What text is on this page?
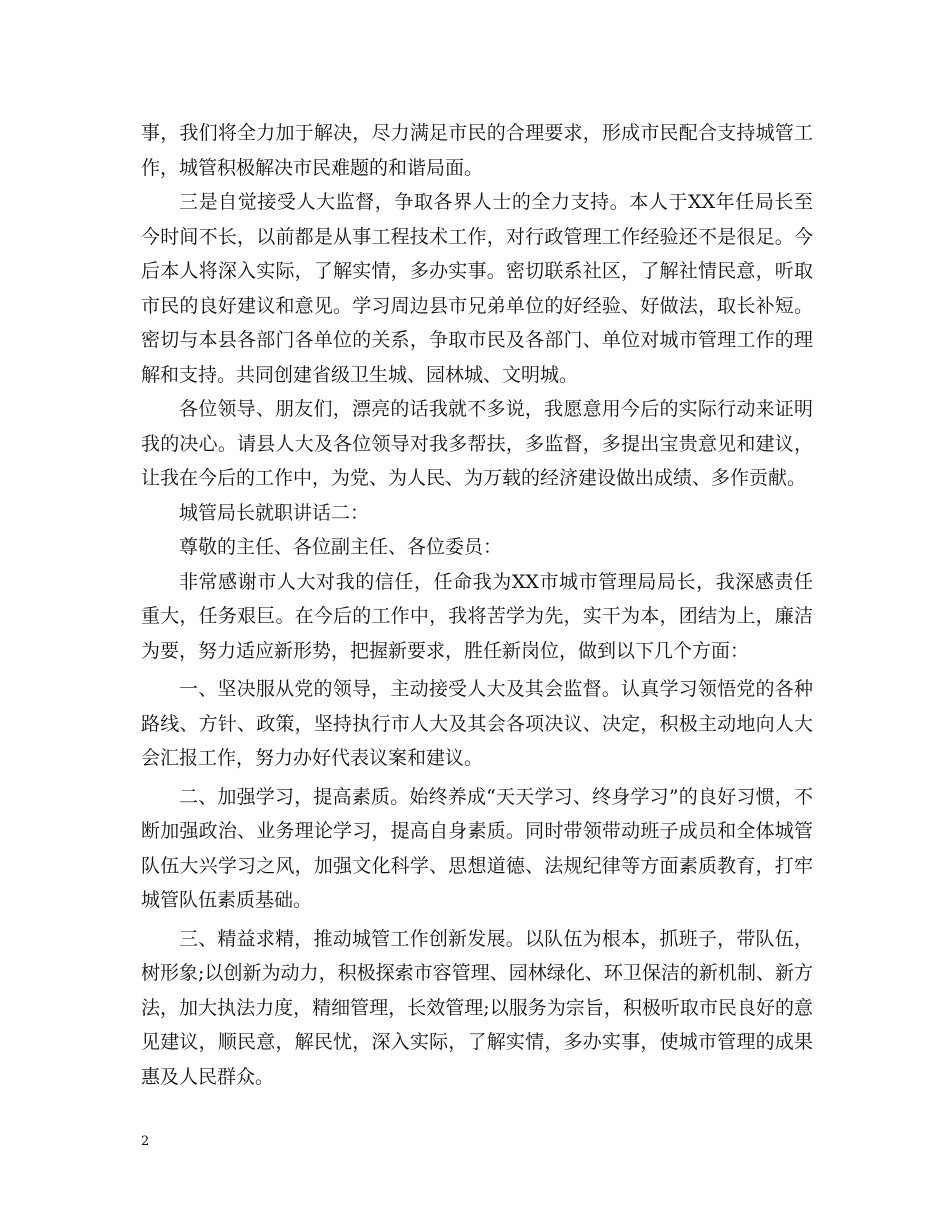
事，我们将全力加于解决，尽力满足市民的合理要求，形成市民配合支持城管工作，城管积极解决市民难题的和谐局面。

三是自觉接受人大监督，争取各界人士的全力支持。本人于XX年任局长至今时间不长，以前都是从事工程技术工作，对行政管理工作经验还不是很足。今后本人将深入实际，了解实情，多办实事。密切联系社区，了解社情民意，听取市民的良好建议和意见。学习周边县市兄弟单位的好经验、好做法，取长补短。密切与本县各部门各单位的关系，争取市民及各部门、单位对城市管理工作的理解和支持。共同创建省级卫生城、园林城、文明城。

各位领导、朋友们，漂亮的话我就不多说，我愿意用今后的实际行动来证明我的决心。请县人大及各位领导对我多帮扶，多监督，多提出宝贵意见和建议，让我在今后的工作中，为党、为人民、为万载的经济建设做出成绩、多作贡献。

城管局长就职讲话二：

尊敬的主任、各位副主任、各位委员：

非常感谢市人大对我的信任，任命我为XX市城市管理局局长，我深感责任重大，任务艰巨。在今后的工作中，我将苦学为先，实干为本，团结为上，廉洁为要，努力适应新形势，把握新要求，胜任新岗位，做到以下几个方面：

一、坚决服从党的领导，主动接受人大及其会监督。认真学习领悟党的各种路线、方针、政策，坚持执行市人大及其会各项决议、决定，积极主动地向人大会汇报工作，努力办好代表议案和建议。

二、加强学习，提高素质。始终养成“天天学习、终身学习”的良好习惯，不断加强政治、业务理论学习，提高自身素质。同时带领带动班子成员和全体城管队伍大兴学习之风，加强文化科学、思想道德、法规纪律等方面素质教育，打牢城管队伍素质基础。

三、精益求精，推动城管工作创新发展。以队伍为根本，抓班子，带队伍，树形象;以创新为动力，积极探索市容管理、园林绿化、环卫保洁的新机制、新方法，加大执法力度，精细管理，长效管理;以服务为宗旨，积极听取市民良好的意见建议，顺民意，解民忧，深入实际，了解实情，多办实事，使城市管理的成果惠及人民群众。

2
